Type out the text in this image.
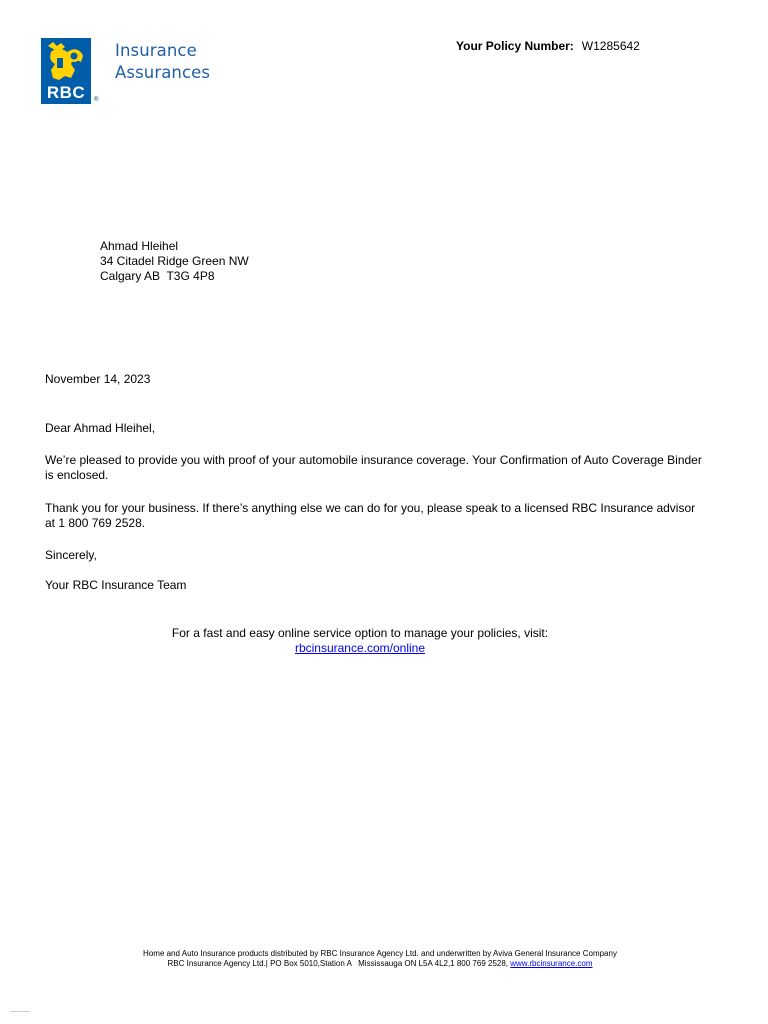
RBC	®
Insurance
Assurances
Your Policy Number: W1285642
Ahmad Hleihel
34 Citadel Ridge Green NW
Calgary AB  T3G 4P8
November 14, 2023
Dear Ahmad Hleihel,
We’re pleased to provide you with proof of your automobile insurance coverage. Your Confirmation of Auto Coverage Binder is enclosed.
Thank you for your business. If there’s anything else we can do for you, please speak to a licensed RBC Insurance advisor at 1 800 769 2528.
Sincerely,
Your RBC Insurance Team
For a fast and easy online service option to manage your policies, visit:
rbcinsurance.com/online
Home and Auto Insurance products distributed by RBC Insurance Agency Ltd. and underwritten by Aviva General Insurance Company
RBC Insurance Agency Ltd.| PO Box 5010,Station A   Mississauga ON L5A 4L2,1 800 769 2528, www.rbcinsurance.com
